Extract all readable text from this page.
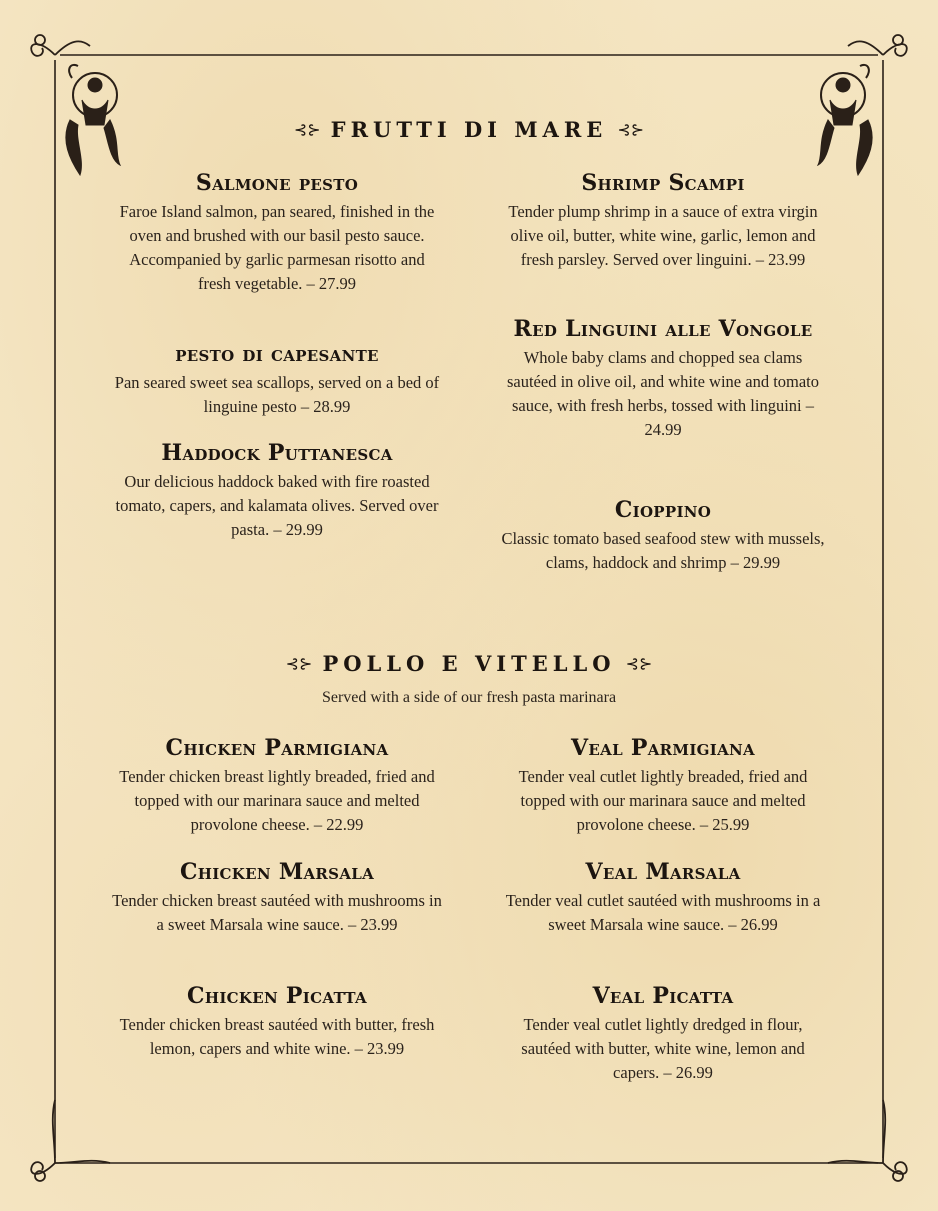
⊰⊱ FRUTTI DI MARE ⊰⊱
Salmone pesto

Faroe Island salmon, pan seared, finished in the oven and brushed with our basil pesto sauce. Accompanied by garlic parmesan risotto and fresh vegetable. – 27.99

pesto di capesante

Pan seared sweet sea scallops, served on a bed of linguine pesto – 28.99

Haddock Puttanesca

Our delicious haddock baked with fire roasted tomato, capers, and kalamata olives. Served over pasta. – 29.99

Shrimp Scampi

Tender plump shrimp in a sauce of extra virgin olive oil, butter, white wine, garlic, lemon and fresh parsley. Served over linguini. – 23.99

Red Linguini alle Vongole

Whole baby clams and chopped sea clams sautéed in olive oil, and white wine and tomato sauce, with fresh herbs, tossed with linguini – 24.99

Cioppino

Classic tomato based seafood stew with mussels, clams, haddock and shrimp – 29.99

⊰⊱ POLLO E VITELLO ⊰⊱
Served with a side of our fresh pasta marinara
Chicken Parmigiana

Tender chicken breast lightly breaded, fried and topped with our marinara sauce and melted provolone cheese. – 22.99

Chicken Marsala

Tender chicken breast sautéed with mushrooms in a sweet Marsala wine sauce. – 23.99

Chicken Picatta

Tender chicken breast sautéed with butter, fresh lemon, capers and white wine. – 23.99

Veal Parmigiana

Tender veal cutlet lightly breaded, fried and topped with our marinara sauce and melted provolone cheese. – 25.99

Veal Marsala

Tender veal cutlet sautéed with mushrooms in a sweet Marsala wine sauce. – 26.99

Veal Picatta

Tender veal cutlet lightly dredged in flour, sautéed with butter, white wine, lemon and capers. – 26.99
